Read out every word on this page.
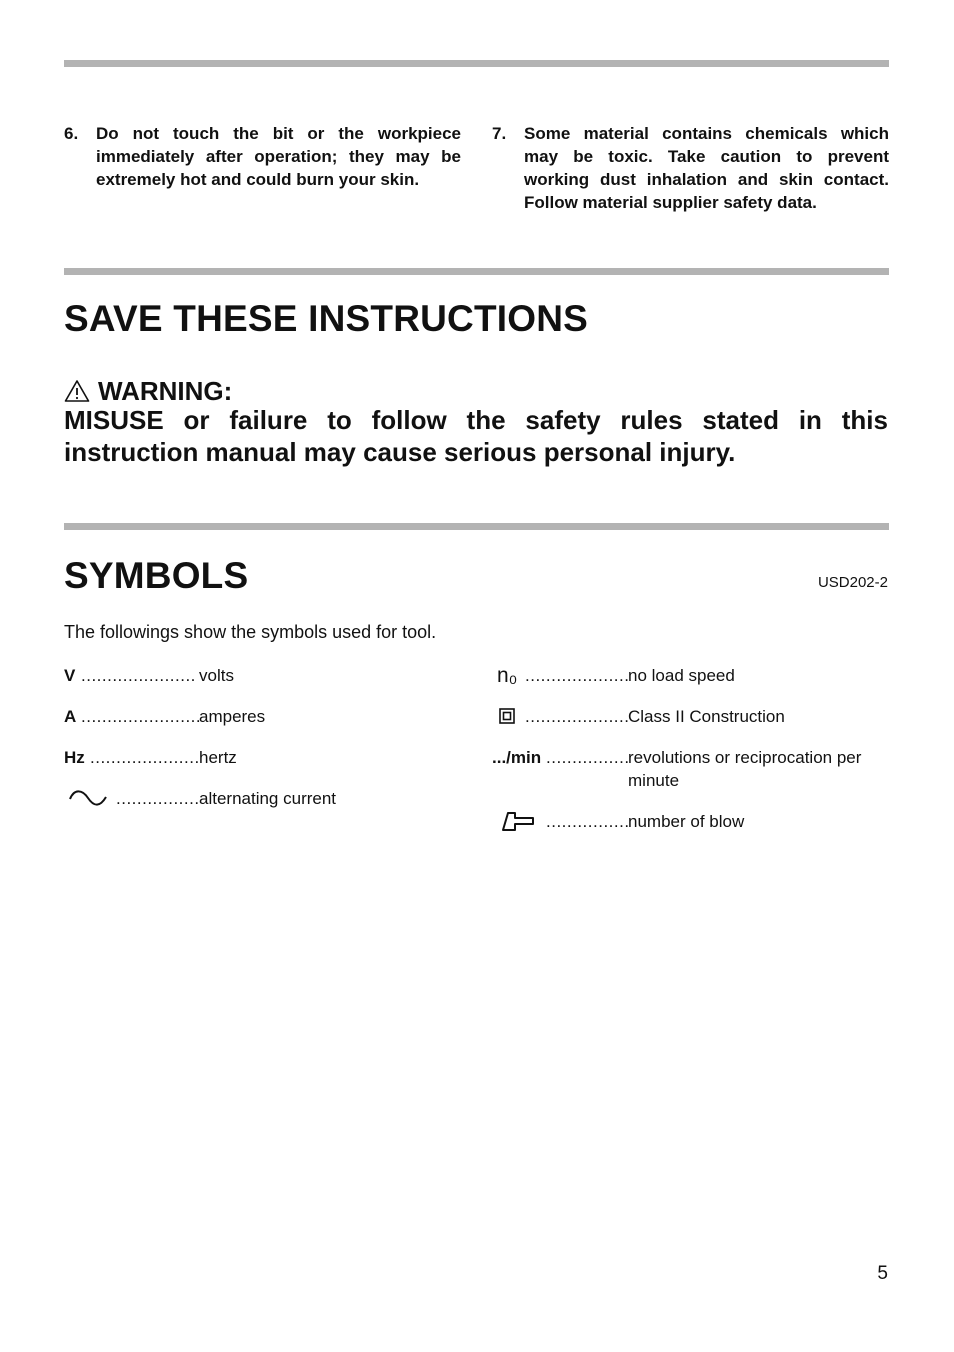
6. Do not touch the bit or the workpiece immediately after operation; they may be extremely hot and could burn your skin.
7. Some material contains chemicals which may be toxic. Take caution to prevent working dust inhalation and skin contact. Follow material supplier safety data.
SAVE THESE INSTRUCTIONS
WARNING:
MISUSE or failure to follow the safety rules stated in this instruction manual may cause serious personal injury.
SYMBOLS	USD202-2
The followings show the symbols used for tool.
V ...................... volts
A .......................
amperes
Hz ..................... hertz
................ alternating current
n₀ ....................
no load speed
....................
Class II Construction
.../min ................
revolutions or reciprocation per minute
................
number of blow
5
